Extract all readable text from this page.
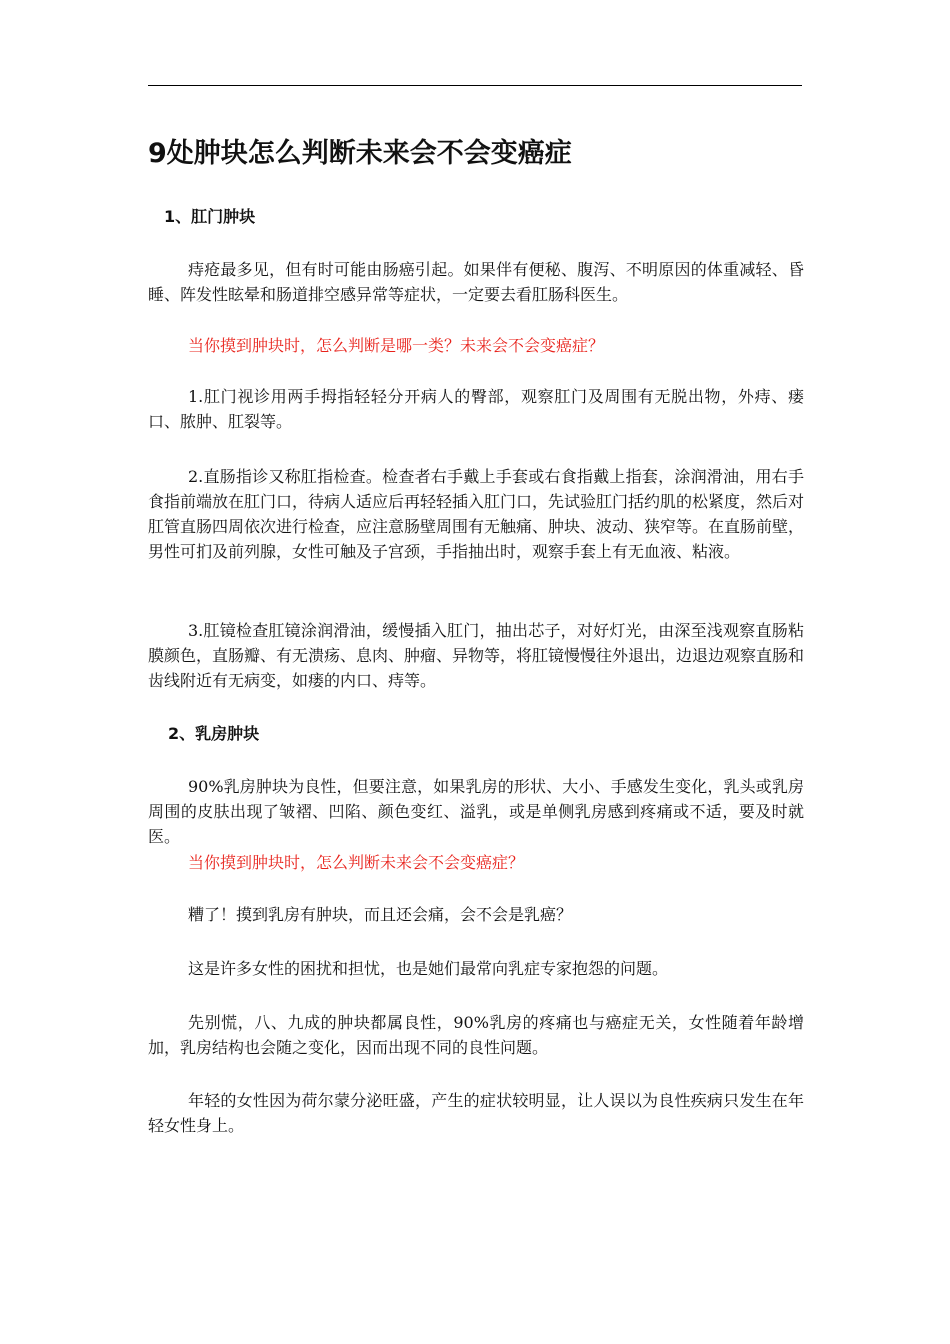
9处肿块怎么判断未来会不会变癌症
1、肛门肿块

痔疮最多见，但有时可能由肠癌引起。如果伴有便秘、腹泻、不明原因的体重减轻、昏睡、阵发性眩晕和肠道排空感异常等症状，一定要去看肛肠科医生。

当你摸到肿块时，怎么判断是哪一类？未来会不会变癌症？

1.肛门视诊用两手拇指轻轻分开病人的臀部，观察肛门及周围有无脱出物，外痔、瘘口、脓肿、肛裂等。

2.直肠指诊又称肛指检查。检查者右手戴上手套或右食指戴上指套，涂润滑油，用右手食指前端放在肛门口，待病人适应后再轻轻插入肛门口，先试验肛门括约肌的松紧度，然后对肛管直肠四周依次进行检查，应注意肠壁周围有无触痛、肿块、波动、狭窄等。在直肠前壁，男性可扪及前列腺，女性可触及子宫颈，手指抽出时，观察手套上有无血液、粘液。

3.肛镜检查肛镜涂润滑油，缓慢插入肛门，抽出芯子，对好灯光，由深至浅观察直肠粘膜颜色，直肠瓣、有无溃疡、息肉、肿瘤、异物等，将肛镜慢慢往外退出，边退边观察直肠和齿线附近有无病变，如瘘的内口、痔等。

2、乳房肿块

90%乳房肿块为良性，但要注意，如果乳房的形状、大小、手感发生变化，乳头或乳房周围的皮肤出现了皱褶、凹陷、颜色变红、溢乳，或是单侧乳房感到疼痛或不适，要及时就医。

当你摸到肿块时，怎么判断未来会不会变癌症？

糟了！摸到乳房有肿块，而且还会痛，会不会是乳癌？

这是许多女性的困扰和担忧，也是她们最常向乳症专家抱怨的问题。

先别慌，八、九成的肿块都属良性，90%乳房的疼痛也与癌症无关，女性随着年龄增加，乳房结构也会随之变化，因而出现不同的良性问题。

年轻的女性因为荷尔蒙分泌旺盛，产生的症状较明显，让人误以为良性疾病只发生在年轻女性身上。
